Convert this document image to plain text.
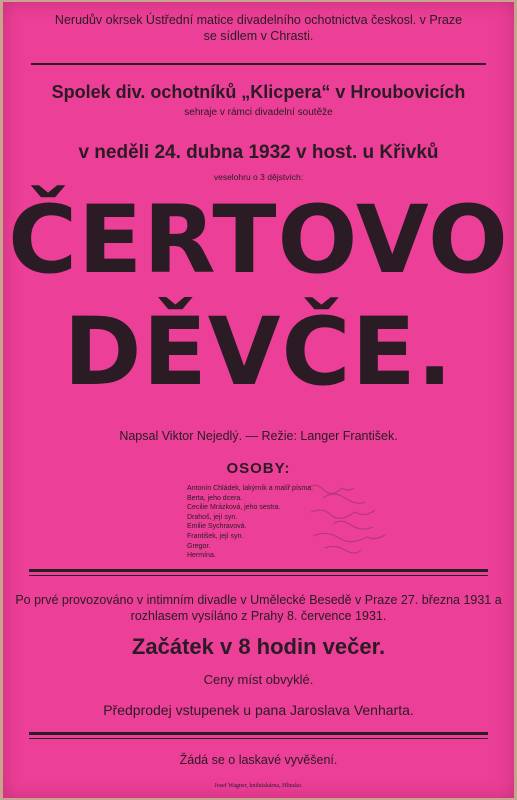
Nerudův okrsek Ústřední matice divadelního ochotnictva českosl. v Praze
se sídlem v Chrasti.
Spolek div. ochotníků „Klicpera“ v Hroubovicích
sehraje v rámci divadelní soutěže
v neděli 24. dubna 1932 v host. u Křivků
veselohru o 3 dějstvích:
ČERTOVO
DĚVČE.
Napsal Viktor Nejedlý. — Režie: Langer František.
OSOBY:
Antonín Chládek, lakýrník a malíř písma.
Berta, jeho dcera.
Cecilie Mrázková, jeho sestra.
Drahoš, její syn.
Emilie Sychravová.
František, její syn.
Gregor.
Hermína.
Po prvé provozováno v intimním divadle v Umělecké Besedě v Praze 27. března 1931 a
rozhlasem vysíláno z Prahy 8. července 1931.
Začátek v 8 hodin večer.
Ceny míst obvyklé.
Předprodej vstupenek u pana Jaroslava Venharta.
Žádá se o laskavé vyvěšení.
Josef Wagner, knihtiskárna, Hlinsko.
